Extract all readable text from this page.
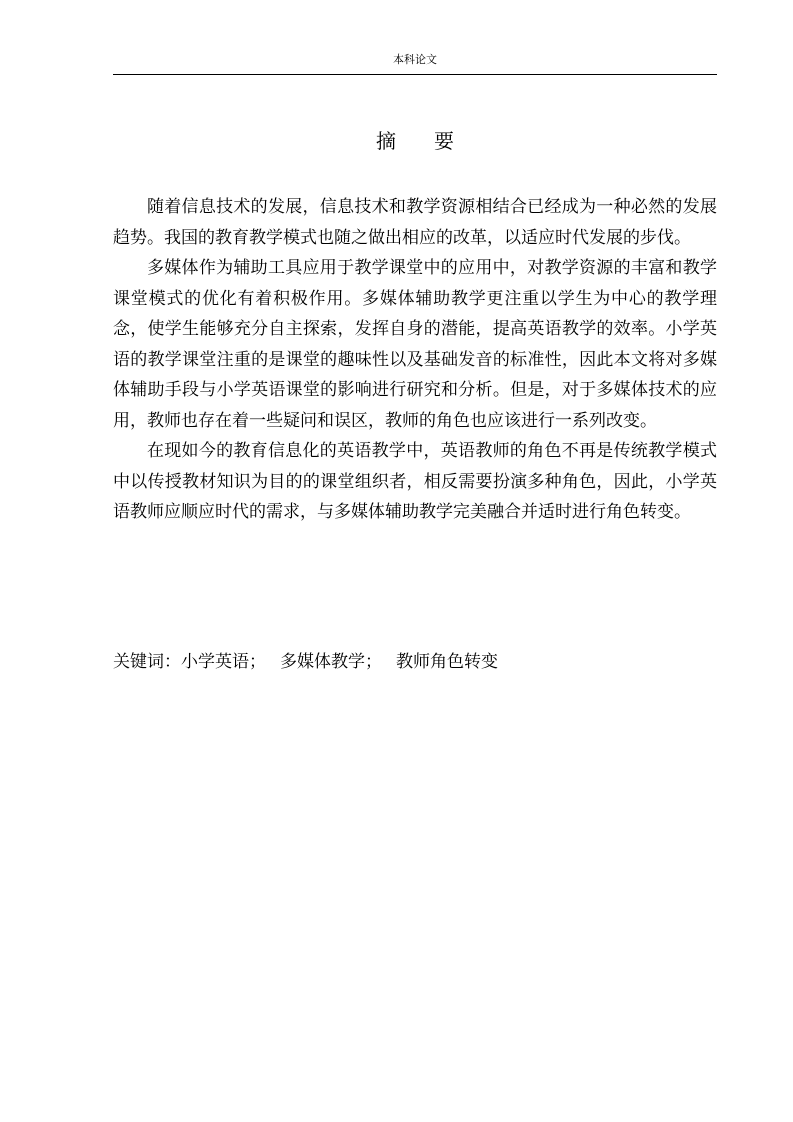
本科论文
摘要

随着信息技术的发展，信息技术和教学资源相结合已经成为一种必然的发展趋势。我国的教育教学模式也随之做出相应的改革，以适应时代发展的步伐。

多媒体作为辅助工具应用于教学课堂中的应用中，对教学资源的丰富和教学课堂模式的优化有着积极作用。多媒体辅助教学更注重以学生为中心的教学理念，使学生能够充分自主探索，发挥自身的潜能，提高英语教学的效率。小学英语的教学课堂注重的是课堂的趣味性以及基础发音的标准性，因此本文将对多媒体辅助手段与小学英语课堂的影响进行研究和分析。但是，对于多媒体技术的应用，教师也存在着一些疑问和误区，教师的角色也应该进行一系列改变。

在现如今的教育信息化的英语教学中，英语教师的角色不再是传统教学模式中以传授教材知识为目的的课堂组织者，相反需要扮演多种角色，因此，小学英语教师应顺应时代的需求，与多媒体辅助教学完美融合并适时进行角色转变。

关键词：小学英语； 多媒体教学； 教师角色转变
